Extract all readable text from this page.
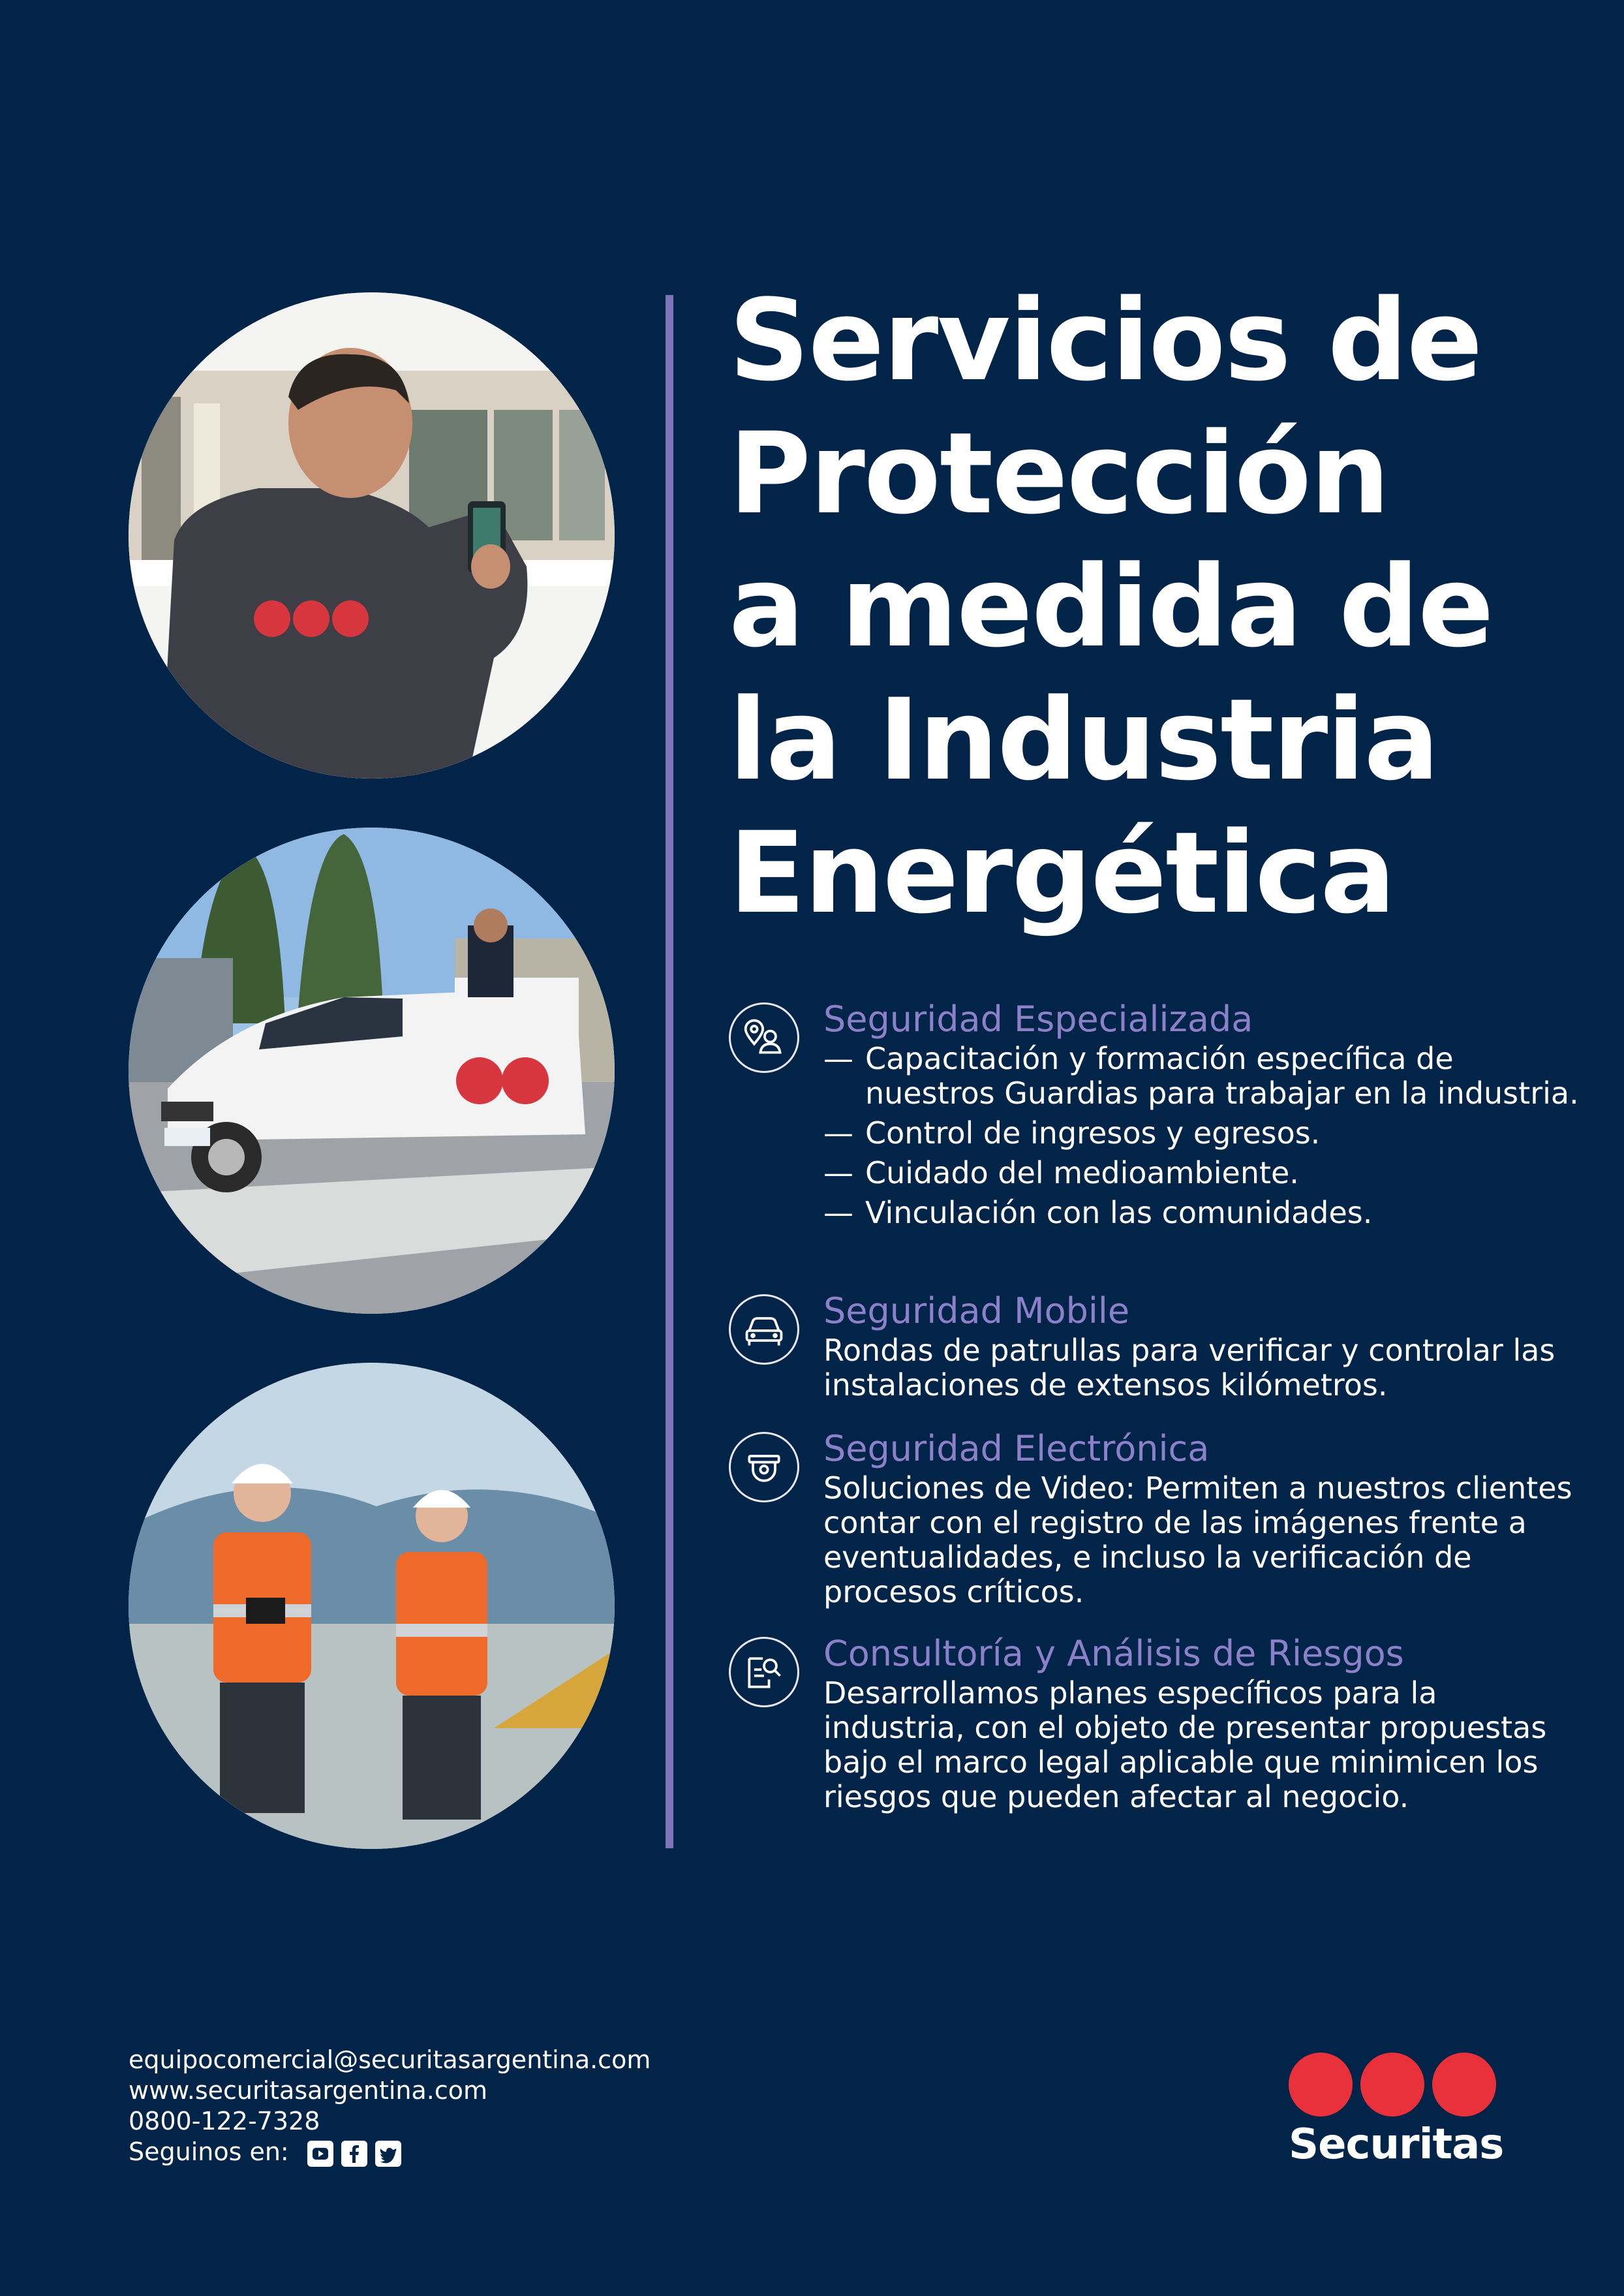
Servicios de
Protección
a medida de
la Industria
Energética
Seguridad Especializada
— Capacitación y formación específica de nuestros Guardias para trabajar en la industria.
— Control de ingresos y egresos.
— Cuidado del medioambiente.
— Vinculación con las comunidades.
Seguridad Mobile

Rondas de patrullas para verificar y controlar las instalaciones de extensos kilómetros.

Seguridad Electrónica

Soluciones de Video: Permiten a nuestros clientes contar con el registro de las imágenes frente a eventualidades, e incluso la verificación de procesos críticos.

Consultoría y Análisis de Riesgos

Desarrollamos planes específicos para la industria, con el objeto de presentar propuestas bajo el marco legal aplicable que minimicen los riesgos que pueden afectar al negocio.

equipocomercial@securitasargentina.com
www.securitasargentina.com
0800-122-7328
Seguinos en:	Securitas
